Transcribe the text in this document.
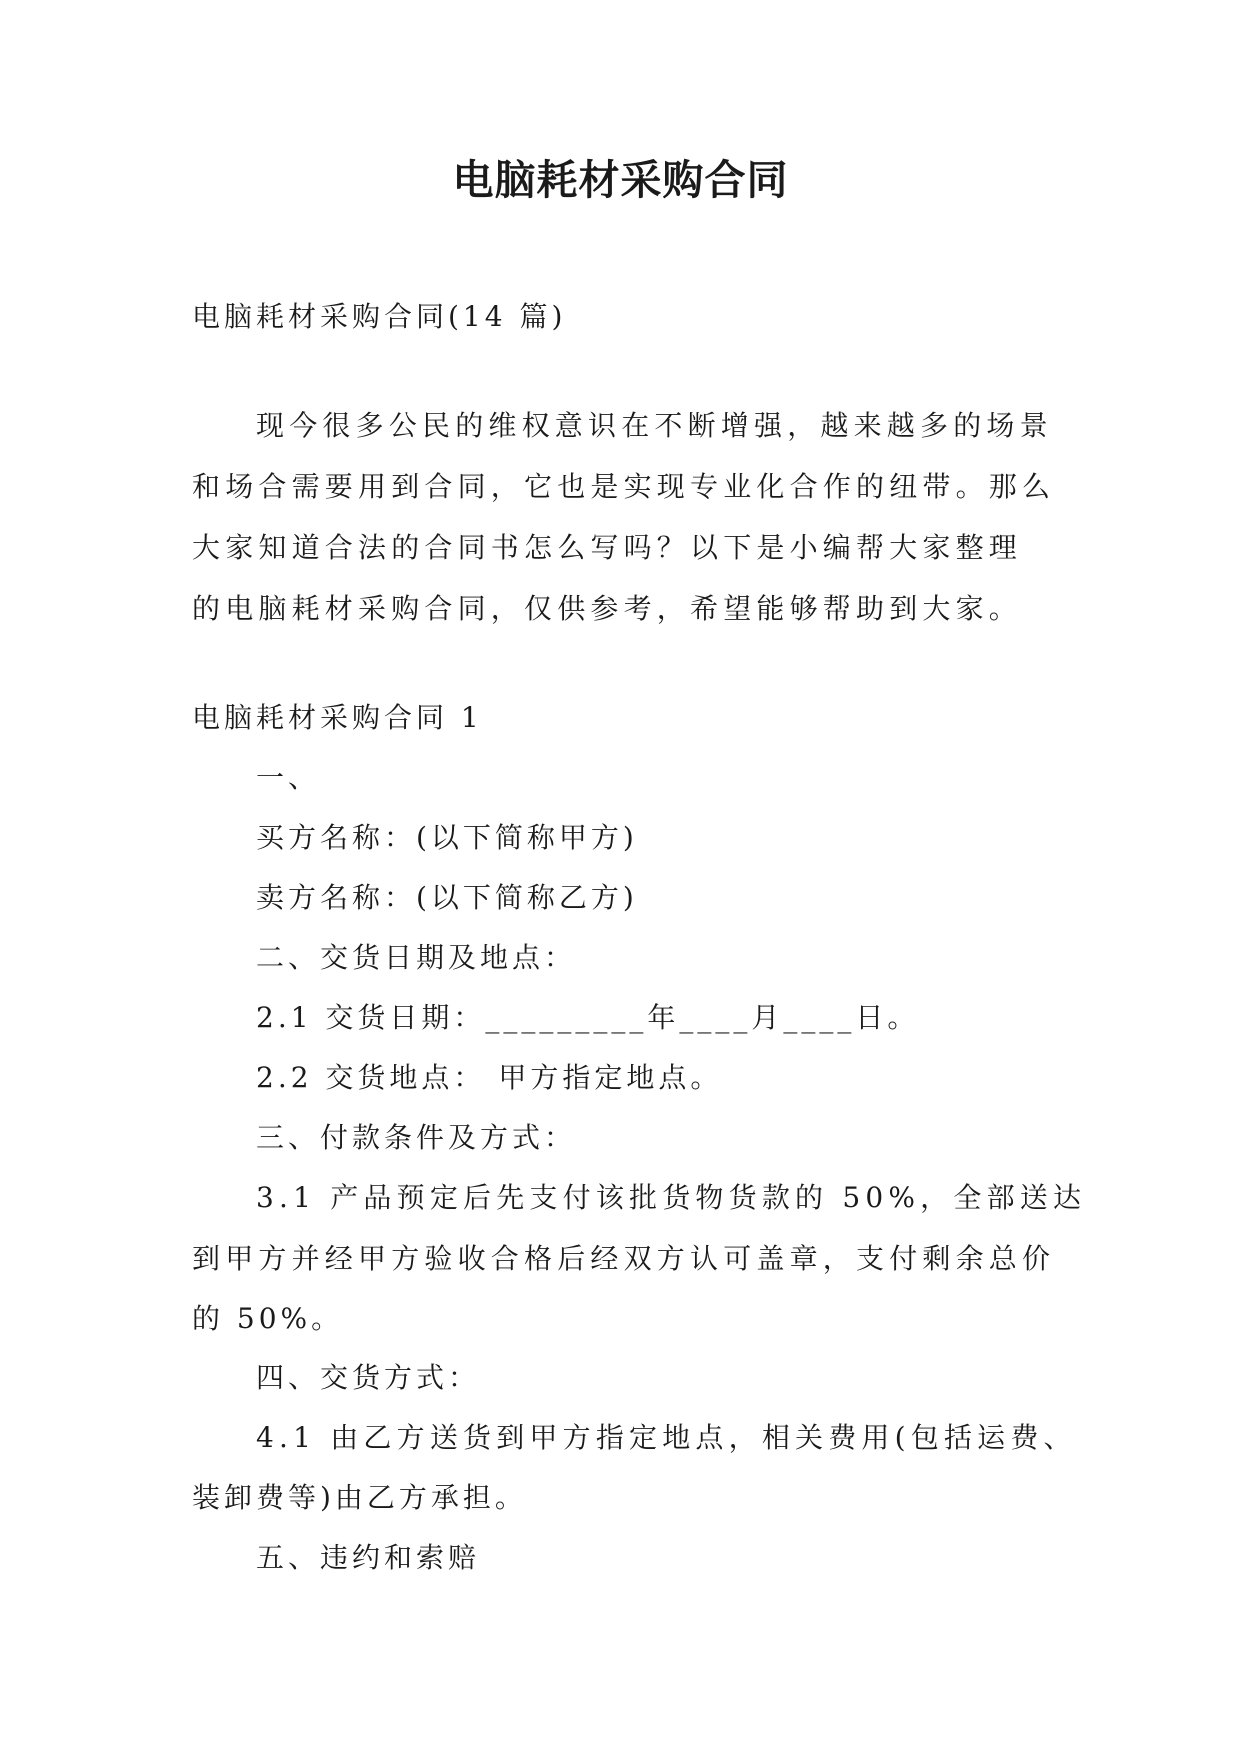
电脑耗材采购合同

电脑耗材采购合同(14 篇)

现今很多公民的维权意识在不断增强，越来越多的场景

和场合需要用到合同，它也是实现专业化合作的纽带。那么

大家知道合法的合同书怎么写吗？以下是小编帮大家整理

的电脑耗材采购合同，仅供参考，希望能够帮助到大家。

电脑耗材采购合同 1

一、

买方名称：(以下简称甲方)

卖方名称：(以下简称乙方)

二、交货日期及地点：

2.1 交货日期：_________年____月____日。

2.2 交货地点： 甲方指定地点。

三、付款条件及方式：

3.1 产品预定后先支付该批货物货款的 50%，全部送达

到甲方并经甲方验收合格后经双方认可盖章，支付剩余总价

的 50%。

四、交货方式：

4.1 由乙方送货到甲方指定地点，相关费用(包括运费、

装卸费等)由乙方承担。

五、违约和索赔
